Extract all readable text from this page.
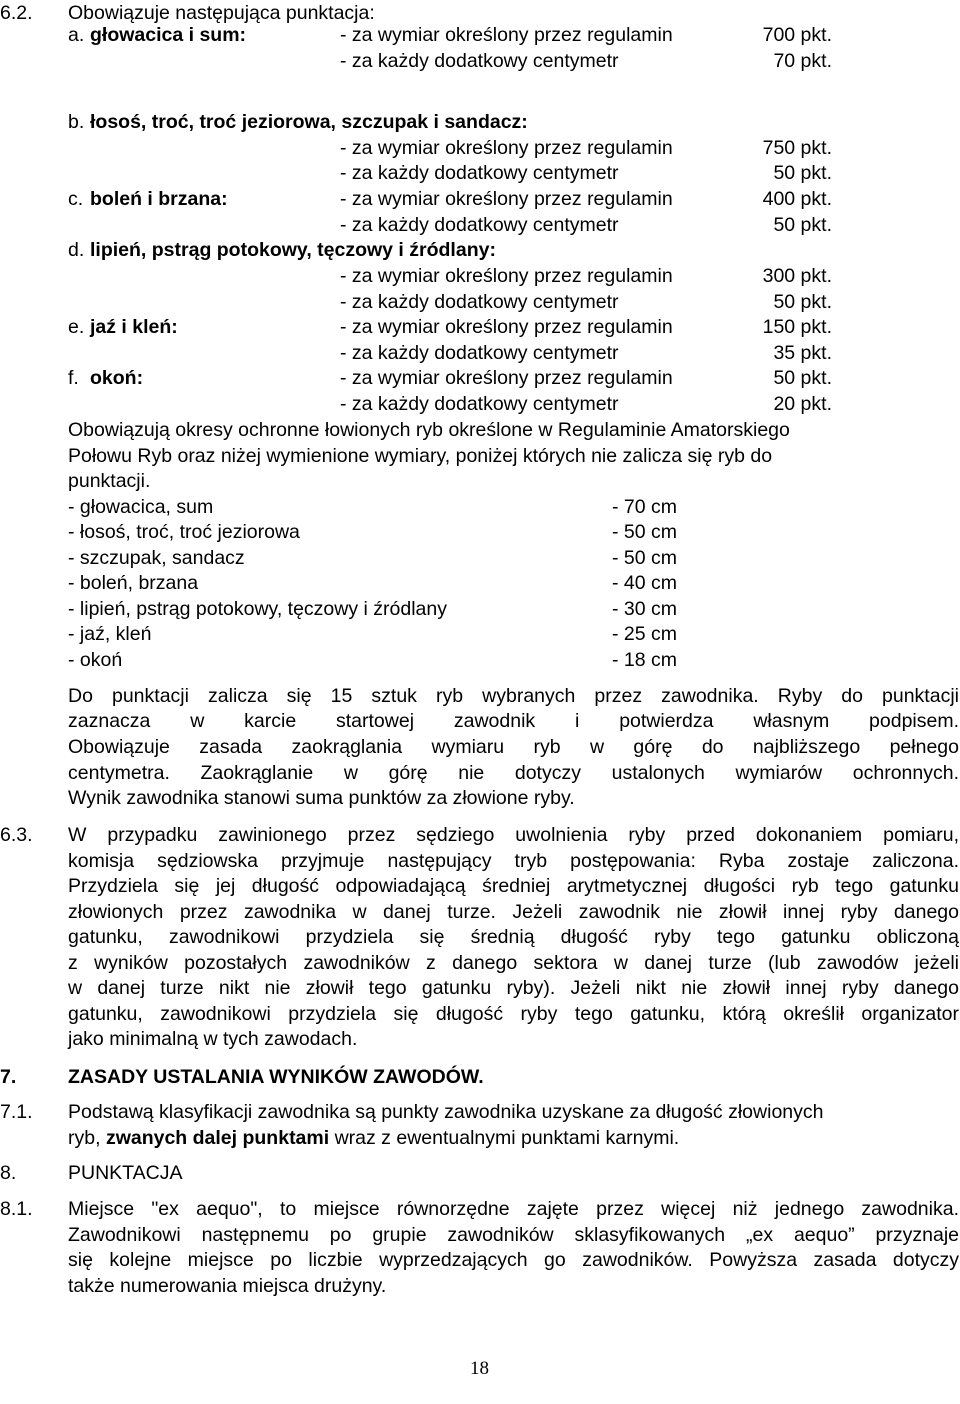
6.2. Obowiązuje następująca punktacja:
a. głowacica i sum:	- za wymiar określony przez regulamin	700 pkt.
- za każdy dodatkowy centymetr	70 pkt.
b. łosoś, troć, troć jeziorowa, szczupak i sandacz:
- za wymiar określony przez regulamin	750 pkt.
- za każdy dodatkowy centymetr	50 pkt.
c. boleń i brzana:	- za wymiar określony przez regulamin	400 pkt.
- za każdy dodatkowy centymetr	50 pkt.
d. lipień, pstrąg potokowy, tęczowy i źródlany:
- za wymiar określony przez regulamin	300 pkt.
- za każdy dodatkowy centymetr	50 pkt.
e. jaź i kleń:	- za wymiar określony przez regulamin	150 pkt.
- za każdy dodatkowy centymetr	35 pkt.
f. okoń:	- za wymiar określony przez regulamin	50 pkt.
- za każdy dodatkowy centymetr	20 pkt.
Obowiązują okresy ochronne łowionych ryb określone w Regulaminie Amatorskiego
Połowu Ryb oraz niżej wymienione wymiary, poniżej których nie zalicza się ryb do
punktacji.
- głowacica, sum	- 70 cm
- łosoś, troć, troć jeziorowa	- 50 cm
- szczupak, sandacz	- 50 cm
- boleń, brzana	- 40 cm
- lipień, pstrąg potokowy, tęczowy i źródlany	- 30 cm
- jaź, kleń	- 25 cm
- okoń	- 18 cm
Do punktacji zalicza się 15 sztuk ryb wybranych przez zawodnika. Ryby do punktacji
zaznacza w karcie startowej zawodnik i potwierdza własnym podpisem.
Obowiązuje zasada zaokrąglania wymiaru ryb w górę do najbliższego pełnego
centymetra. Zaokrąglanie w górę nie dotyczy ustalonych wymiarów ochronnych.
Wynik zawodnika stanowi suma punktów za złowione ryby.
6.3. W przypadku zawinionego przez sędziego uwolnienia ryby przed dokonaniem pomiaru,
komisja sędziowska przyjmuje następujący tryb postępowania: Ryba zostaje zaliczona.
Przydziela się jej długość odpowiadającą średniej arytmetycznej długości ryb tego gatunku
złowionych przez zawodnika w danej turze. Jeżeli zawodnik nie złowił innej ryby danego
gatunku, zawodnikowi przydziela się średnią długość ryby tego gatunku obliczoną
z wyników pozostałych zawodników z danego sektora w danej turze (lub zawodów jeżeli
w danej turze nikt nie złowił tego gatunku ryby). Jeżeli nikt nie złowił innej ryby danego
gatunku, zawodnikowi przydziela się długość ryby tego gatunku, którą określił organizator
jako minimalną w tych zawodach.
7.	ZASADY USTALANIA WYNIKÓW ZAWODÓW.
7.1. Podstawą klasyfikacji zawodnika są punkty zawodnika uzyskane za długość złowionych
ryb, zwanych dalej punktami wraz z ewentualnymi punktami karnymi.
8.	PUNKTACJA
8.1. Miejsce "ex aequo", to miejsce równorzędne zajęte przez więcej niż jednego zawodnika.
Zawodnikowi następnemu po grupie zawodników sklasyfikowanych „ex aequo” przyznaje
się kolejne miejsce po liczbie wyprzedzających go zawodników. Powyższa zasada dotyczy
także numerowania miejsca drużyny.
18
